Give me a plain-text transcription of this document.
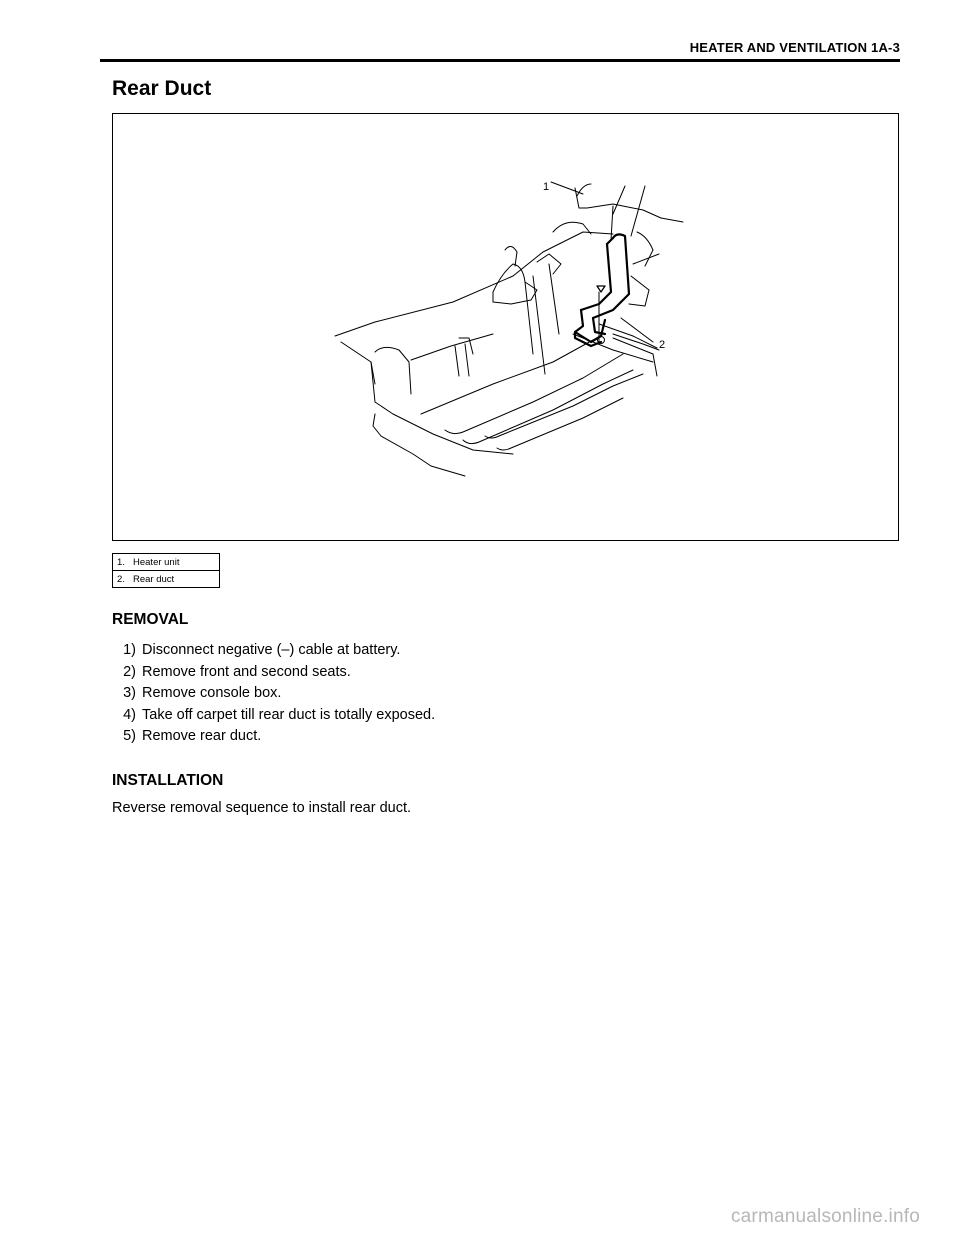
HEATER AND VENTILATION 1A-3
Rear Duct
1
2
1. Heater unit
2. Rear duct
REMOVAL
1) Disconnect negative (–) cable at battery.
2) Remove front and second seats.
3) Remove console box.
4) Take off carpet till rear duct is totally exposed.
5) Remove rear duct.
INSTALLATION
Reverse removal sequence to install rear duct.
carmanualsonline.info
